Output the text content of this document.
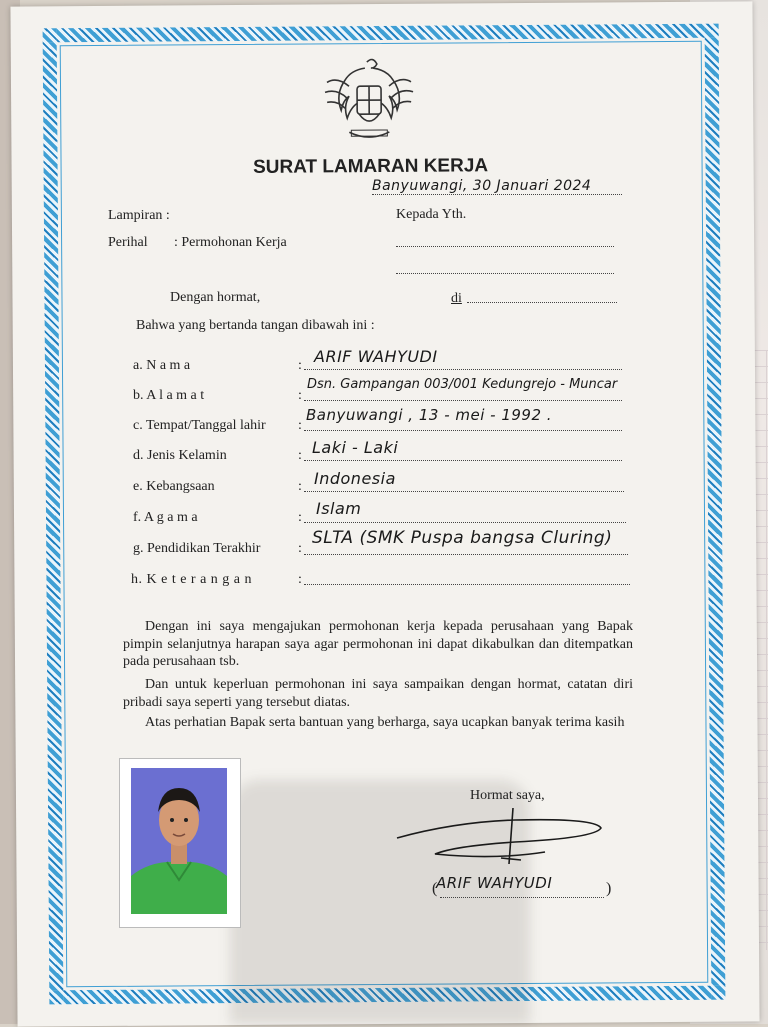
SURAT LAMARAN KERJA
Banyuwangi, 30 Januari 2024
Lampiran :
Perihal : Permohonan Kerja
Kepada Yth.
di
Dengan hormat,
Bahwa yang bertanda tangan dibawah ini :
a. N a m a	: ARIF WAHYUDI
b. A l a m a t	:
Dsn. Gampangan 003/001 Kedungrejo - Muncar
c. Tempat/Tanggal lahir :
Banyuwangi , 13 - mei - 1992 .
d. Jenis Kelamin	: Laki - Laki
e. Kebangsaan	: Indonesia
f. A g a m a	: Islam
g. Pendidikan Terakhir	:
SLTA (SMK Puspa bangsa Cluring)
h. K e t e r a n g a n	:
Dengan ini saya mengajukan permohonan kerja kepada perusahaan yang Bapak pimpin selanjutnya harapan saya agar permohonan ini dapat dikabulkan dan ditempatkan pada perusahaan tsb.
Dan untuk keperluan permohonan ini saya sampaikan dengan hormat, catatan diri pribadi saya seperti yang tersebut diatas.
Atas perhatian Bapak serta bantuan yang berharga, saya ucapkan banyak terima kasih
Hormat saya,
ARIF WAHYUDI
(	)
